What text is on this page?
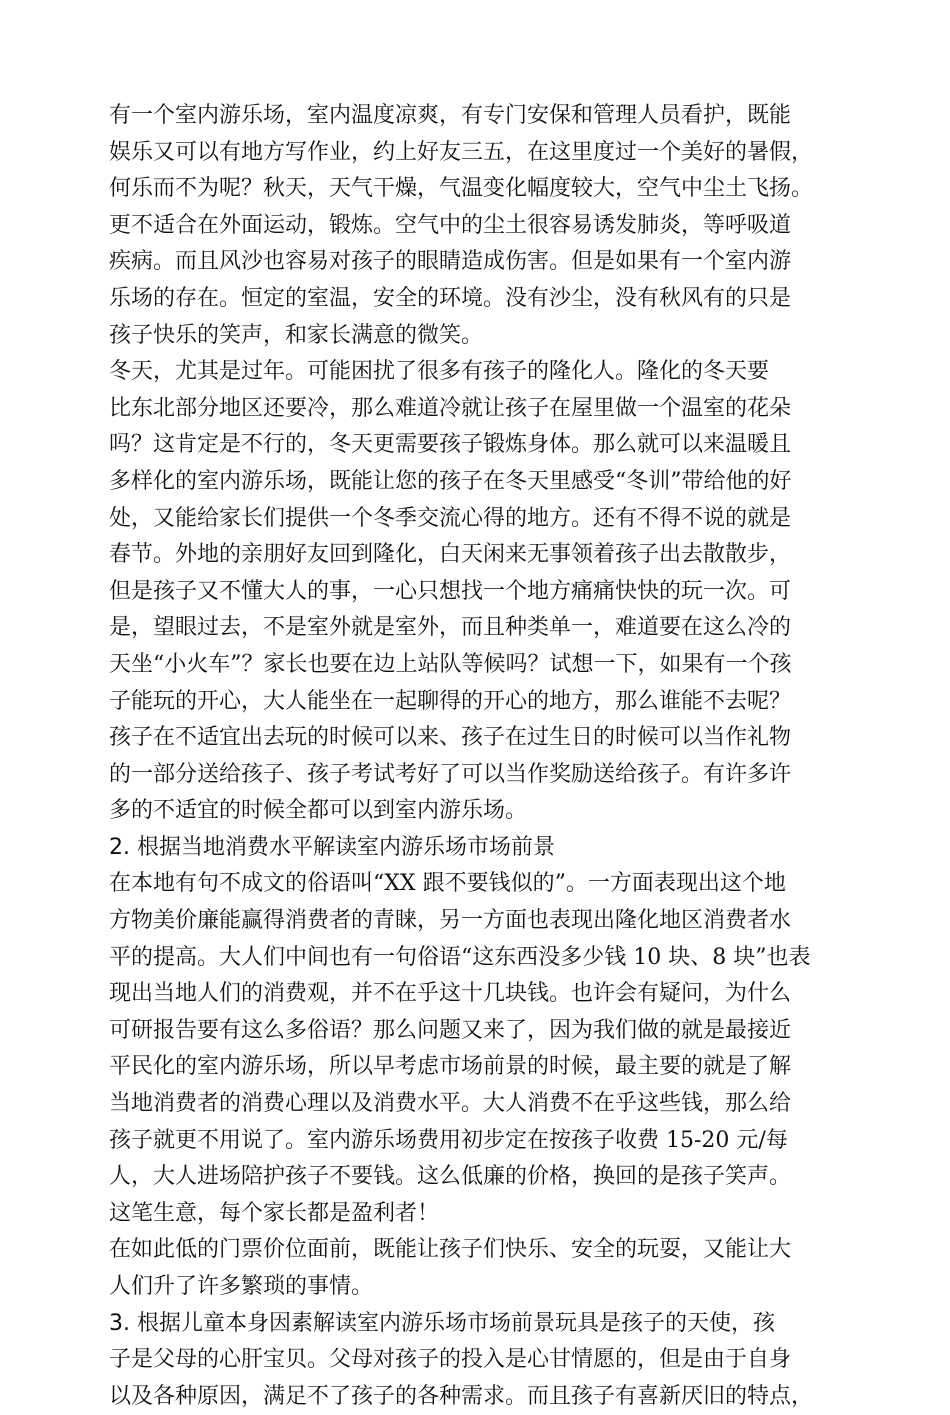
有一个室内游乐场，室内温度凉爽，有专门安保和管理人员看护，既能
娱乐又可以有地方写作业，约上好友三五，在这里度过一个美好的暑假，
何乐而不为呢？秋天，天气干燥，气温变化幅度较大，空气中尘土飞扬。
更不适合在外面运动，锻炼。空气中的尘土很容易诱发肺炎，等呼吸道
疾病。而且风沙也容易对孩子的眼睛造成伤害。但是如果有一个室内游
乐场的存在。恒定的室温，安全的环境。没有沙尘，没有秋风有的只是
孩子快乐的笑声，和家长满意的微笑。
冬天，尤其是过年。可能困扰了很多有孩子的隆化人。隆化的冬天要
比东北部分地区还要冷，那么难道冷就让孩子在屋里做一个温室的花朵
吗？这肯定是不行的，冬天更需要孩子锻炼身体。那么就可以来温暖且
多样化的室内游乐场，既能让您的孩子在冬天里感受“冬训”带给他的好
处，又能给家长们提供一个冬季交流心得的地方。还有不得不说的就是
春节。外地的亲朋好友回到隆化，白天闲来无事领着孩子出去散散步，
但是孩子又不懂大人的事，一心只想找一个地方痛痛快快的玩一次。可
是，望眼过去，不是室外就是室外，而且种类单一，难道要在这么冷的
天坐“小火车”？家长也要在边上站队等候吗？试想一下，如果有一个孩
子能玩的开心，大人能坐在一起聊得的开心的地方，那么谁能不去呢？
孩子在不适宜出去玩的时候可以来、孩子在过生日的时候可以当作礼物
的一部分送给孩子、孩子考试考好了可以当作奖励送给孩子。有许多许
多的不适宜的时候全都可以到室内游乐场。
2. 根据当地消费水平解读室内游乐场市场前景
在本地有句不成文的俗语叫“XX 跟不要钱似的”。一方面表现出这个地
方物美价廉能赢得消费者的青睐，另一方面也表现出隆化地区消费者水
平的提高。大人们中间也有一句俗语“这东西没多少钱 10 块、8 块”也表
现出当地人们的消费观，并不在乎这十几块钱。也许会有疑问，为什么
可研报告要有这么多俗语？那么问题又来了，因为我们做的就是最接近
平民化的室内游乐场，所以早考虑市场前景的时候，最主要的就是了解
当地消费者的消费心理以及消费水平。大人消费不在乎这些钱，那么给
孩子就更不用说了。室内游乐场费用初步定在按孩子收费 15-20 元/每
人，大人进场陪护孩子不要钱。这么低廉的价格，换回的是孩子笑声。
这笔生意，每个家长都是盈利者！
在如此低的门票价位面前，既能让孩子们快乐、安全的玩耍，又能让大
人们升了许多繁琐的事情。
3. 根据儿童本身因素解读室内游乐场市场前景玩具是孩子的天使，孩
子是父母的心肝宝贝。父母对孩子的投入是心甘情愿的，但是由于自身
以及各种原因，满足不了孩子的各种需求。而且孩子有喜新厌旧的特点，
